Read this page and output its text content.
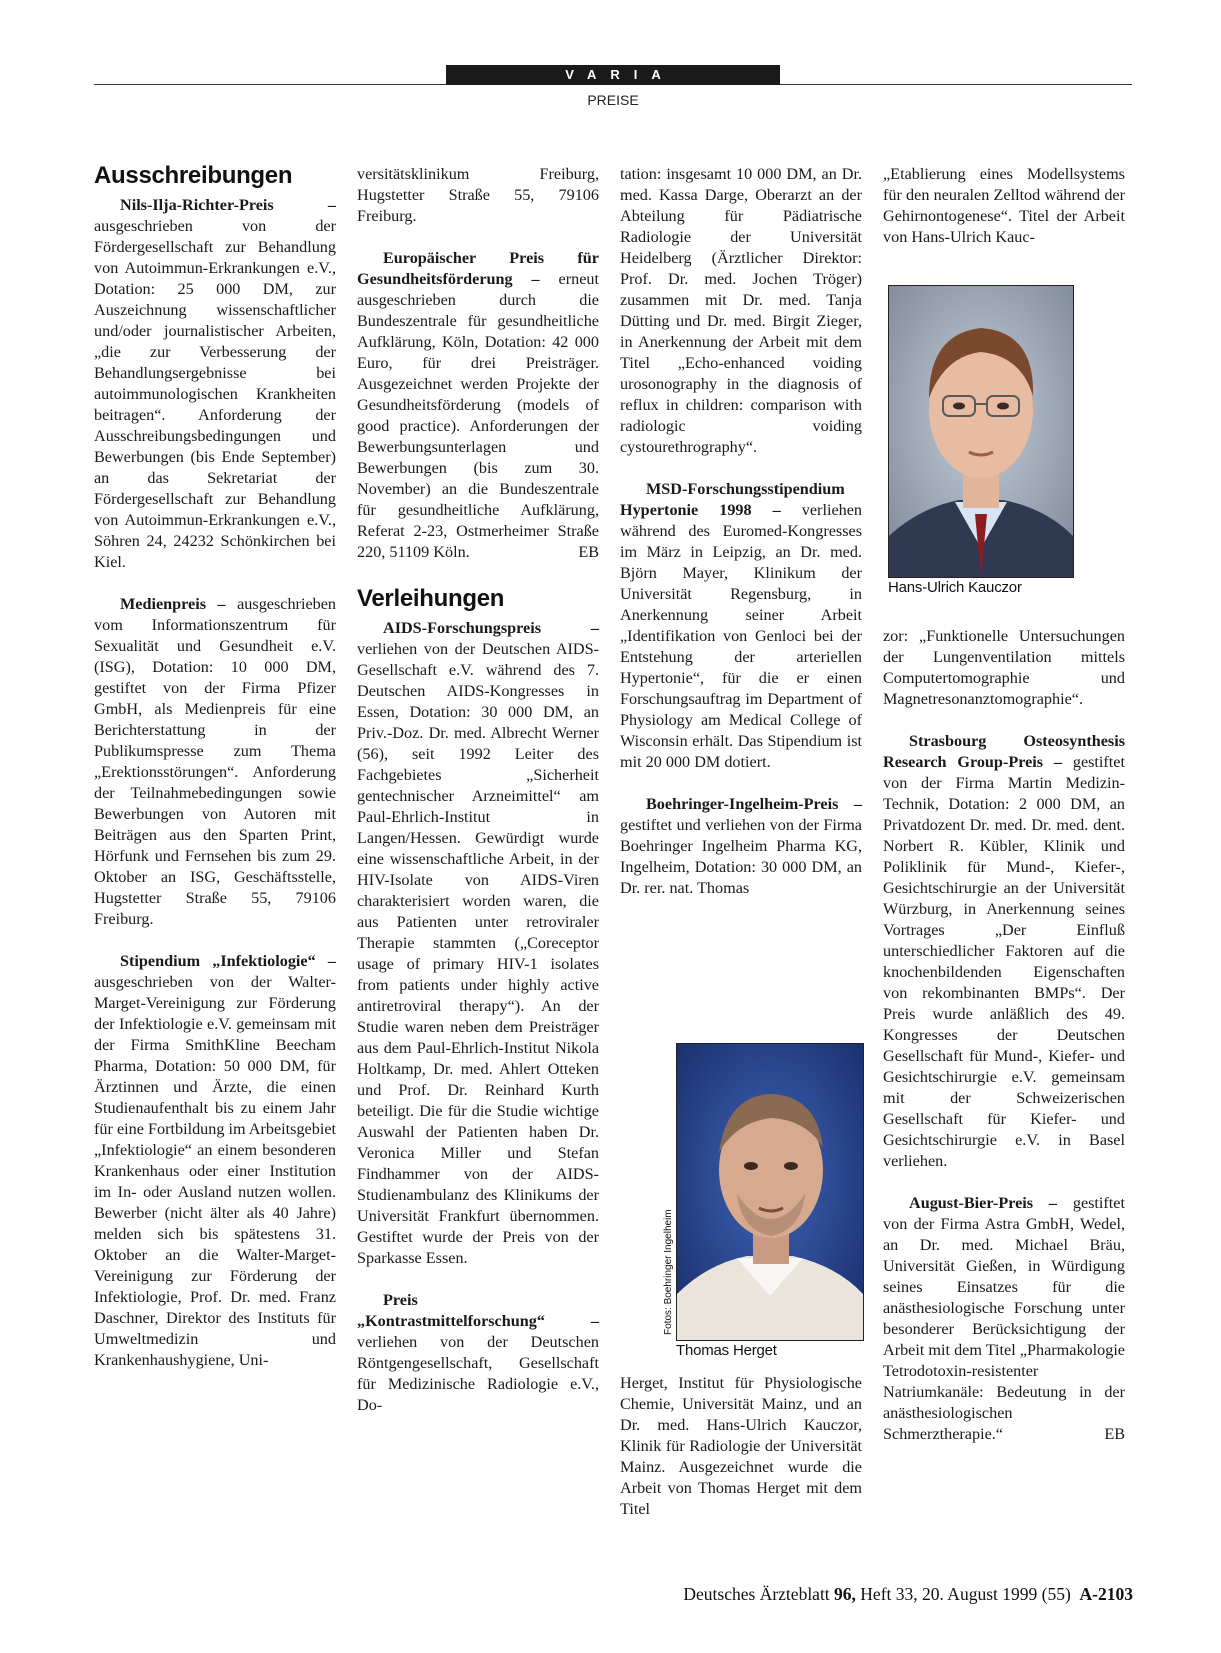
VARIA
PREISE
Ausschreibungen

Nils-Ilja-Richter-Preis – ausgeschrieben von der Fördergesellschaft zur Behandlung von Autoimmun-Erkrankungen e.V., Dotation: 25 000 DM, zur Auszeichnung wissenschaftlicher und/oder journalistischer Arbeiten, „die zur Verbesserung der Behandlungsergebnisse bei autoimmunologischen Krankheiten beitragen“. Anforderung der Ausschreibungsbedingungen und Bewerbungen (bis Ende September) an das Sekretariat der Fördergesellschaft zur Behandlung von Autoimmun-Erkrankungen e.V., Söhren 24, 24232 Schönkirchen bei Kiel.

Medienpreis – ausgeschrieben vom Informationszentrum für Sexualität und Gesundheit e.V. (ISG), Dotation: 10 000 DM, gestiftet von der Firma Pfizer GmbH, als Medienpreis für eine Berichterstattung in der Publikumspresse zum Thema „Erektionsstörungen“. Anforderung der Teilnahmebedingungen sowie Bewerbungen von Autoren mit Beiträgen aus den Sparten Print, Hörfunk und Fernsehen bis zum 29. Oktober an ISG, Geschäftsstelle, Hugstetter Straße 55, 79106 Freiburg.

Stipendium „Infektiologie“ – ausgeschrieben von der Walter-Marget-Vereinigung zur Förderung der Infektiologie e.V. gemeinsam mit der Firma SmithKline Beecham Pharma, Dotation: 50 000 DM, für Ärztinnen und Ärzte, die einen Studienaufenthalt bis zu einem Jahr für eine Fortbildung im Arbeitsgebiet „Infektiologie“ an einem besonderen Krankenhaus oder einer Institution im In- oder Ausland nutzen wollen. Bewerber (nicht älter als 40 Jahre) melden sich bis spätestens 31. Oktober an die Walter-Marget-Vereinigung zur Förderung der Infektiologie, Prof. Dr. med. Franz Daschner, Direktor des Instituts für Umweltmedizin und Krankenhaushygiene, Uni-

versitätsklinikum Freiburg, Hugstetter Straße 55, 79106 Freiburg.

Europäischer Preis für Gesundheitsförderung – erneut ausgeschrieben durch die Bundeszentrale für gesundheitliche Aufklärung, Köln, Dotation: 42 000 Euro, für drei Preisträger. Ausgezeichnet werden Projekte der Gesundheitsförderung (models of good practice). Anforderungen der Bewerbungsunterlagen und Bewerbungen (bis zum 30. November) an die Bundeszentrale für gesundheitliche Aufklärung, Referat 2-23, Ostmerheimer Straße 220, 51109 Köln.	EB

Verleihungen

AIDS-Forschungspreis – verliehen von der Deutschen AIDS-Gesellschaft e.V. während des 7. Deutschen AIDS-Kongresses in Essen, Dotation: 30 000 DM, an Priv.-Doz. Dr. med. Albrecht Werner (56), seit 1992 Leiter des Fachgebietes „Sicherheit gentechnischer Arzneimittel“ am Paul-Ehrlich-Institut in Langen/Hessen. Gewürdigt wurde eine wissenschaftliche Arbeit, in der HIV-Isolate von AIDS-Viren charakterisiert worden waren, die aus Patienten unter retroviraler Therapie stammten („Coreceptor usage of primary HIV-1 isolates from patients under highly active antiretroviral therapy“). An der Studie waren neben dem Preisträger aus dem Paul-Ehrlich-Institut Nikola Holtkamp, Dr. med. Ahlert Otteken und Prof. Dr. Reinhard Kurth beteiligt. Die für die Studie wichtige Auswahl der Patienten haben Dr. Veronica Miller und Stefan Findhammer von der AIDS-Studienambulanz des Klinikums der Universität Frankfurt übernommen. Gestiftet wurde der Preis von der Sparkasse Essen.

Preis „Kontrastmittelforschung“ – verliehen von der Deutschen Röntgengesellschaft, Gesellschaft für Medizinische Radiologie e.V., Do-

tation: insgesamt 10 000 DM, an Dr. med. Kassa Darge, Oberarzt an der Abteilung für Pädiatrische Radiologie der Universität Heidelberg (Ärztlicher Direktor: Prof. Dr. med. Jochen Tröger) zusammen mit Dr. med. Tanja Dütting und Dr. med. Birgit Zieger, in Anerkennung der Arbeit mit dem Titel „Echo-enhanced voiding urosonography in the diagnosis of reflux in children: comparison with radiologic voiding cystourethrography“.

MSD-Forschungsstipendium Hypertonie 1998 – verliehen während des Euromed-Kongresses im März in Leipzig, an Dr. med. Björn Mayer, Klinikum der Universität Regensburg, in Anerkennung seiner Arbeit „Identifikation von Genloci bei der Entstehung der arteriellen Hypertonie“, für die er einen Forschungsauftrag im Department of Physiology am Medical College of Wisconsin erhält. Das Stipendium ist mit 20 000 DM dotiert.

Boehringer-Ingelheim-Preis – gestiftet und verliehen von der Firma Boehringer Ingelheim Pharma KG, Ingelheim, Dotation: 30 000 DM, an Dr. rer. nat. Thomas

Fotos: Boehringer Ingelheim
Thomas Herget

Herget, Institut für Physiologische Chemie, Universität Mainz, und an Dr. med. Hans-Ulrich Kauczor, Klinik für Radiologie der Universität Mainz. Ausgezeichnet wurde die Arbeit von Thomas Herget mit dem Titel

„Etablierung eines Modellsystems für den neuralen Zelltod während der Gehirnontogenese“. Titel der Arbeit von Hans-Ulrich Kauc-

Hans-Ulrich Kauczor

zor: „Funktionelle Untersuchungen der Lungenventilation mittels Computertomographie und Magnetresonanztomographie“.

Strasbourg Osteosynthesis Research Group-Preis – gestiftet von der Firma Martin Medizin-Technik, Dotation: 2 000 DM, an Privatdozent Dr. med. Dr. med. dent. Norbert R. Kübler, Klinik und Poliklinik für Mund-, Kiefer-, Gesichtschirurgie an der Universität Würzburg, in Anerkennung seines Vortrages „Der Einfluß unterschiedlicher Faktoren auf die knochenbildenden Eigenschaften von rekombinanten BMPs“. Der Preis wurde anläßlich des 49. Kongresses der Deutschen Gesellschaft für Mund-, Kiefer- und Gesichtschirurgie e.V. gemeinsam mit der Schweizerischen Gesellschaft für Kiefer- und Gesichtschirurgie e.V. in Basel verliehen.

August-Bier-Preis – gestiftet von der Firma Astra GmbH, Wedel, an Dr. med. Michael Bräu, Universität Gießen, in Würdigung seines Einsatzes für die anästhesiologische Forschung unter besonderer Berücksichtigung der Arbeit mit dem Titel „Pharmakologie Tetrodotoxin-resistenter Natriumkanäle: Bedeutung in der anästhesiologischen Schmerztherapie.“	EB

Deutsches Ärzteblatt 96, Heft 33, 20. August 1999 (55) A-2103
